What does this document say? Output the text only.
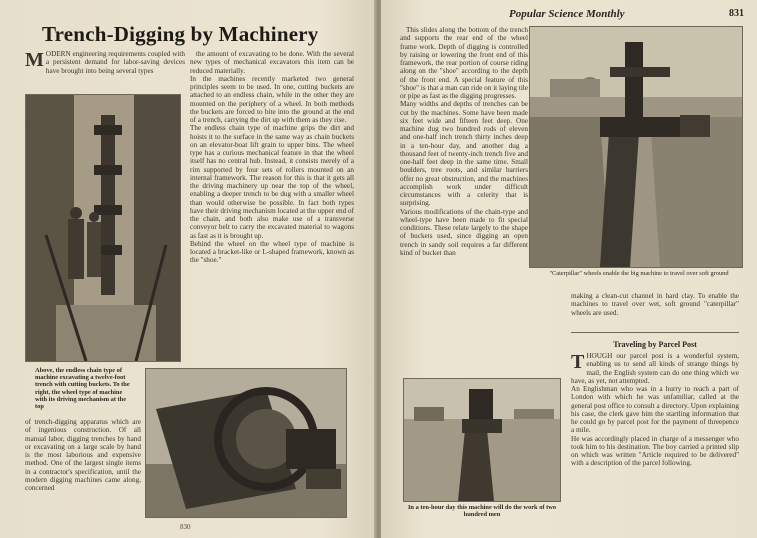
Trench-Digging by Machinery
MODERN engineering requirements coupled with a persistent demand for labor-saving devices have brought into being several types

the amount of excavating to be done. With the several new types of mechanical excavators this item can be reduced materially.
In the machines recently marketed two general principles seem to be used. In one, cutting buckets are attached to an endless chain, while in the other they are mounted on the periphery of a wheel. In both methods the buckets are forced to bite into the ground at the end of a trench, carrying the dirt up with them as they rise.
The endless chain type of machine grips the dirt and hoists it to the surface in the same way as chain buckets on an elevator-boat lift grain to upper bins. The wheel type has a curious mechanical feature in that the wheel itself has no central hub. Instead, it consists merely of a rim supported by four sets of rollers mounted on an internal framework. The reason for this is that it gets all the driving machinery up near the top of the wheel, enabling a deeper trench to be dug with a smaller wheel than would otherwise be possible. In fact both types have their driving mechanism located at the upper end of the chain, and both also make use of a transverse conveyor belt to carry the excavated material to wagons as fast as it is brought up.
Behind the wheel on the wheel type of machine is located a bracket-like or L-shaped framework, known as the "shoe."

Above, the endless chain type of machine excavating a twelve-foot trench with cutting buckets. To the right, the wheel type of machine with its driving mechanism at the top
of trench-digging apparatus which are of ingenious construction. Of all manual labor, digging trenches by hand or excavating on a large scale by hand is the most laborious and expensive method. One of the largest single items in a contractor's specification, until the modern digging machines came along, concerned
830
Popular Science Monthly	831

This slides along the bottom of the trench and supports the rear end of the wheel frame work. Depth of digging is controlled by raising or lowering the front end of this framework, the rear portion of course riding along on the "shoe" according to the depth of the front end. A special feature of this "shoe" is that a man can ride on it laying tile or pipe as fast as the digging progresses.
Many widths and depths of trenches can be cut by the machines. Some have been made six feet wide and fifteen feet deep. One machine dug two hundred rods of eleven and one-half inch trench thirty inches deep in a ten-hour day, and another dug a thousand feet of twenty-inch trench five and one-half feet deep in the same time. Small boulders, tree roots, and similar barriers offer no great obstruction, and the machines accomplish work under difficult circumstances with a celerity that is surprising.
Various modifications of the chain-type and wheel-type have been made to fit special conditions. These relate largely to the shape of buckets used, since digging an open trench in sandy soil requires a far different kind of bucket than

"Caterpillar" wheels enable the big machine to travel over soft ground
making a clean-cut channel in hard clay. To enable the machines to travel over wet, soft ground "caterpillar" wheels are used.
Traveling by Parcel Post
THOUGH our parcel post is a wonderful system, enabling us to send all kinds of strange things by mail, the English system can do one thing which we have, as yet, not attempted.
An Englishman who was in a hurry to reach a part of London with which he was unfamiliar, called at the general post office to consult a directory. Upon explaining his case, the clerk gave him the startling information that he could go by parcel post for the payment of threepence a mile.
He was accordingly placed in charge of a messenger who took him to his destination. The boy carried a printed slip on which was written "Article required to be delivered" with a description of the parcel following.
In a ten-hour day this machine will do the work of two hundred men
